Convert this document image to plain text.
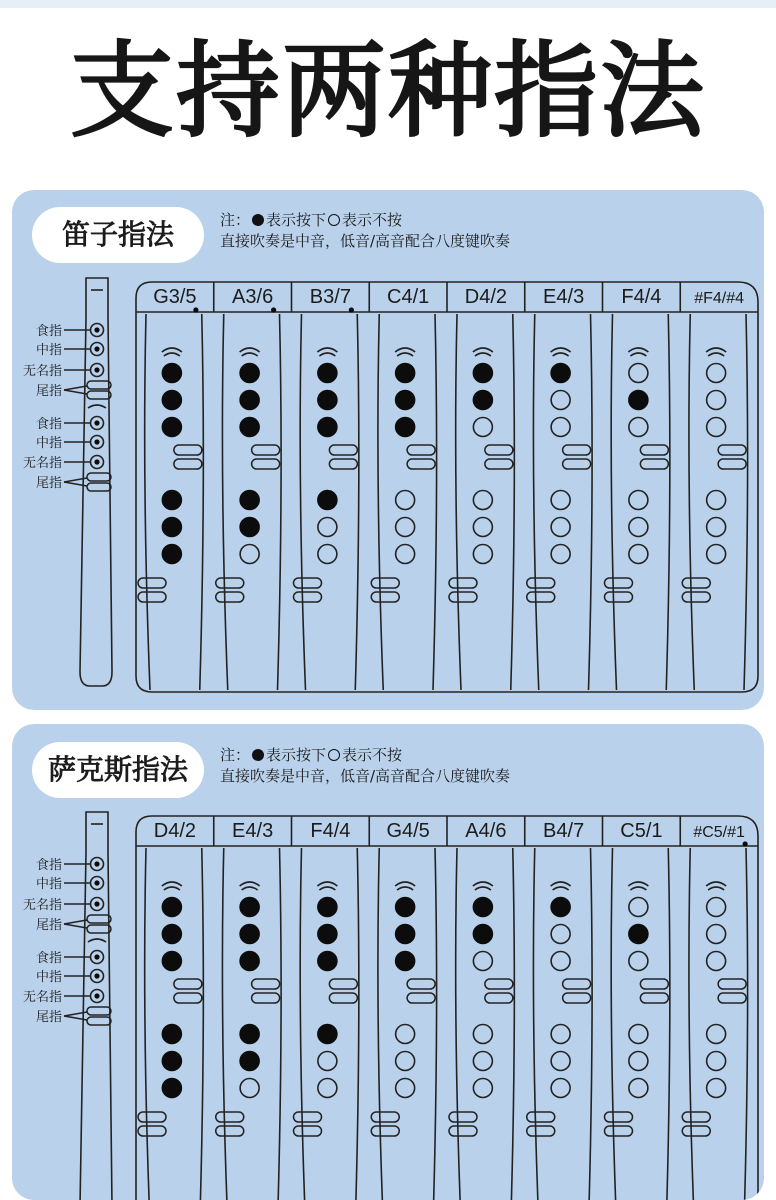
支持两种指法
笛子指法	注： 表示按下 表示不按
直接吹奏是中音，低音/高音配合八度键吹奏
食指
中指
无名指
尾指
食指
中指
无名指
尾指
G3/5 A3/6 B3/7 C4/1 D4/2 E4/3 F4/4 #F4/#4
萨克斯指法	注： 表示按下 表示不按
直接吹奏是中音，低音/高音配合八度键吹奏
食指
中指
无名指
尾指
食指
中指
无名指
尾指
D4/2 E4/3 F4/4 G4/5 A4/6 B4/7 C5/1 #C5/#1
